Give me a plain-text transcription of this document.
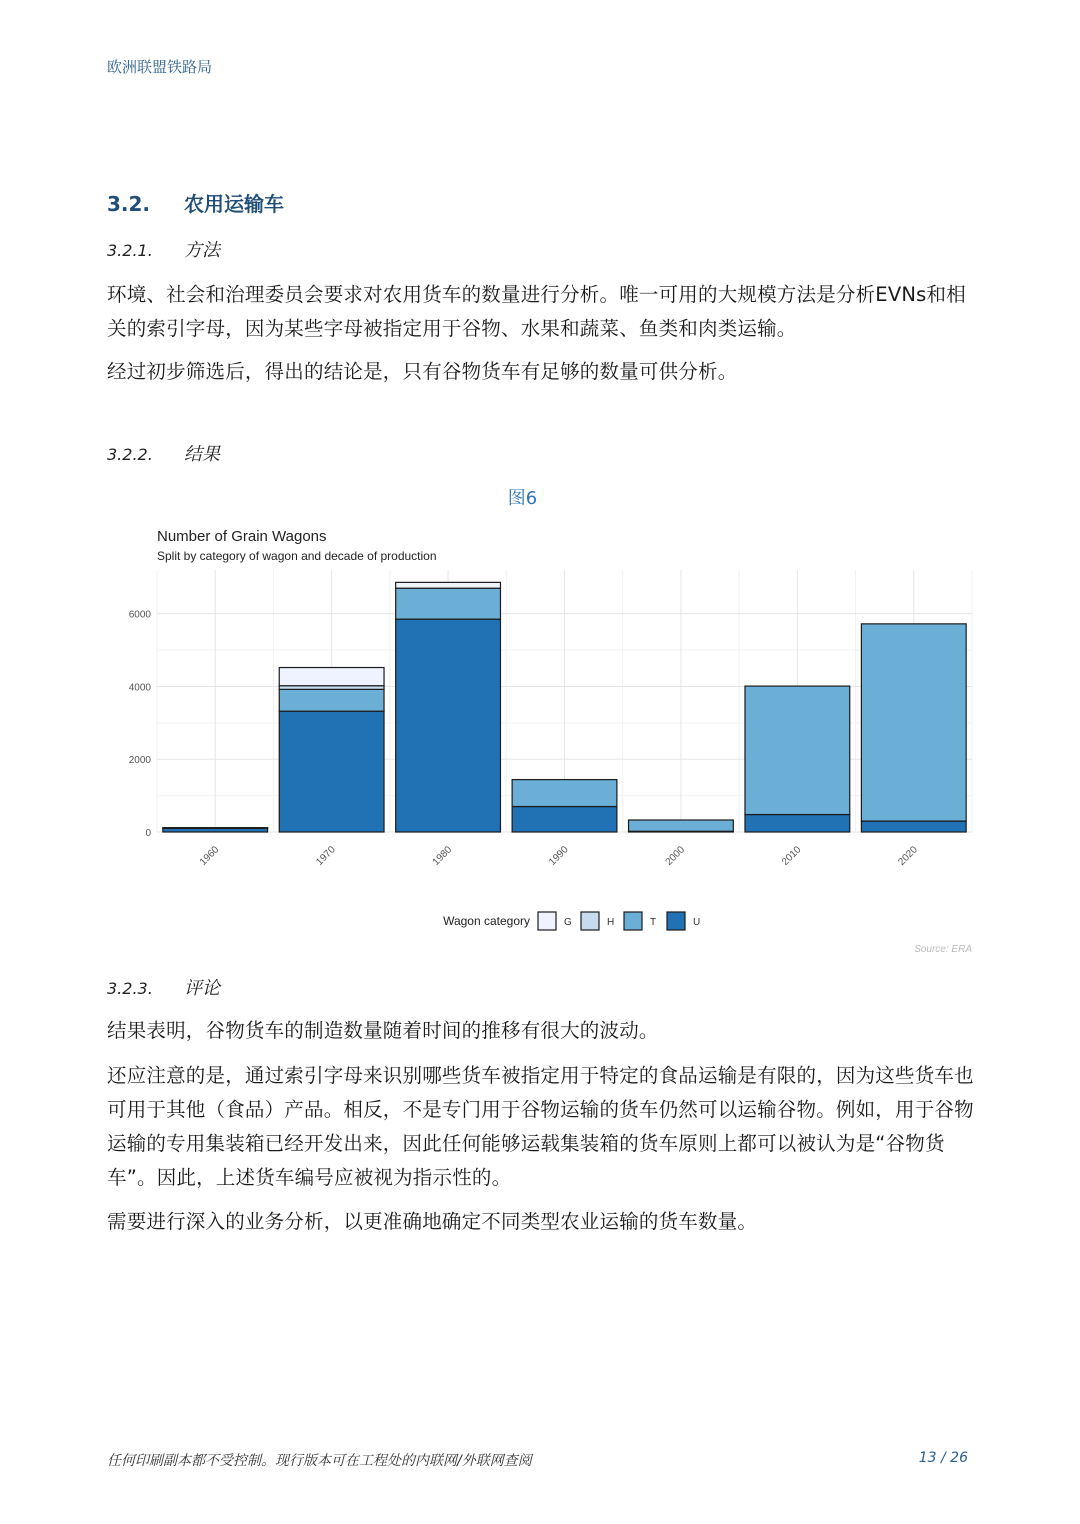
欧洲联盟铁路局
3.2. 农用运输车
3.2.1. 方法
环境、社会和治理委员会要求对农用货车的数量进行分析。唯一可用的大规模方法是分析EVNs和相关的索引字母，因为某些字母被指定用于谷物、水果和蔬菜、鱼类和肉类运输。
经过初步筛选后，得出的结论是，只有谷物货车有足够的数量可供分析。
3.2.2. 结果
图6
Number of Grain Wagons
Split by category of wagon and decade of production
0
2000
4000
6000
1960	1970	1980	1990	2000	2010	2020
Wagon category	G	H	T	U
Source: ERA
3.2.3. 评论
结果表明，谷物货车的制造数量随着时间的推移有很大的波动。
还应注意的是，通过索引字母来识别哪些货车被指定用于特定的食品运输是有限的，因为这些货车也可用于其他（食品）产品。相反，不是专门用于谷物运输的货车仍然可以运输谷物。例如，用于谷物运输的专用集装箱已经开发出来，因此任何能够运载集装箱的货车原则上都可以被认为是“谷物货车”。因此，上述货车编号应被视为指示性的。
需要进行深入的业务分析，以更准确地确定不同类型农业运输的货车数量。
任何印刷副本都不受控制。现行版本可在工程处的内联网/外联网查阅	13 / 26
